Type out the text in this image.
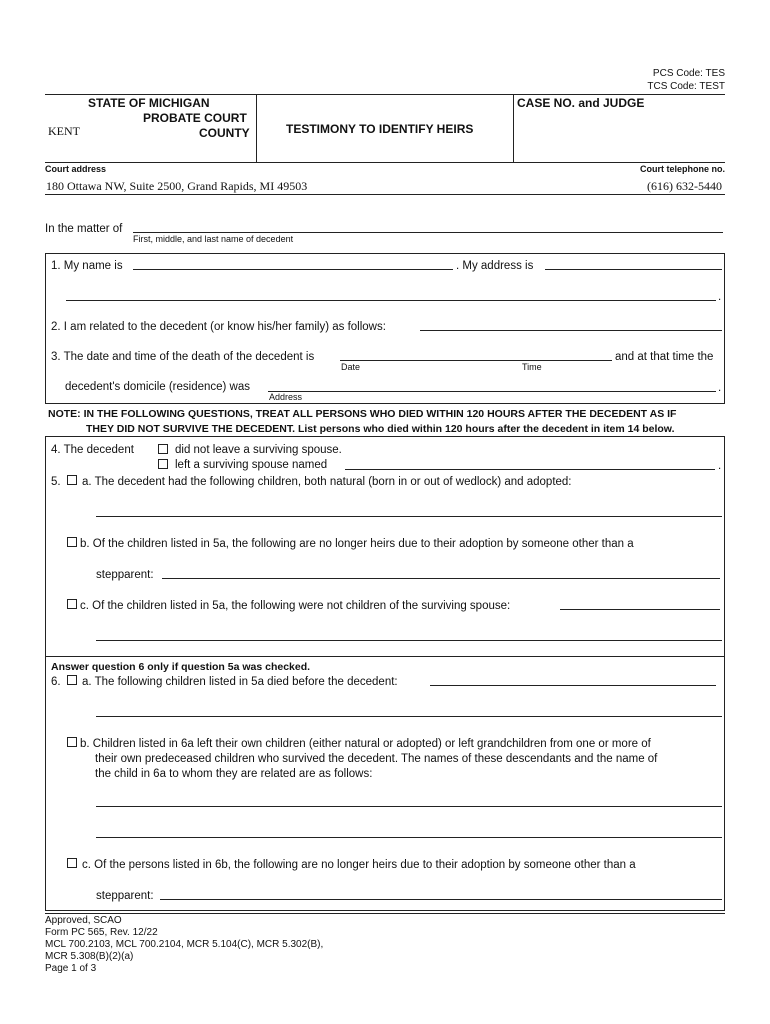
PCS Code: TES
TCS Code: TEST
STATE OF MICHIGAN
PROBATE COURT
KENT	COUNTY	TESTIMONY TO IDENTIFY HEIRS
CASE NO. and JUDGE
Court address	Court telephone no.
180 Ottawa NW, Suite 2500, Grand Rapids, MI 49503	(616) 632-5440
In the matter of
First, middle, and last name of decedent
1. My name is	. My address is
.
2. I am related to the decedent (or know his/her family) as follows:
3. The date and time of the death of the decedent is
Date	Time
and at that time the
decedent's domicile (residence) was	.
Address
NOTE: IN THE FOLLOWING QUESTIONS, TREAT ALL PERSONS WHO DIED WITHIN 120 HOURS AFTER THE DECEDENT AS IF
THEY DID NOT SURVIVE THE DECEDENT. List persons who died within 120 hours after the decedent in item 14 below.
4. The decedent	did not leave a surviving spouse.
left a surviving spouse named	.
5. a. The decedent had the following children, both natural (born in or out of wedlock) and adopted:
b. Of the children listed in 5a, the following are no longer heirs due to their adoption by someone other than a
stepparent:
c. Of the children listed in 5a, the following were not children of the surviving spouse:
Answer question 6 only if question 5a was checked.
6. a. The following children listed in 5a died before the decedent:
b. Children listed in 6a left their own children (either natural or adopted) or left grandchildren from one or more of
their own predeceased children who survived the decedent. The names of these descendants and the name of
the child in 6a to whom they are related are as follows:
c. Of the persons listed in 6b, the following are no longer heirs due to their adoption by someone other than a
stepparent:
Approved, SCAO
Form PC 565, Rev. 12/22
MCL 700.2103, MCL 700.2104, MCR 5.104(C), MCR 5.302(B),
MCR 5.308(B)(2)(a)
Page 1 of 3
